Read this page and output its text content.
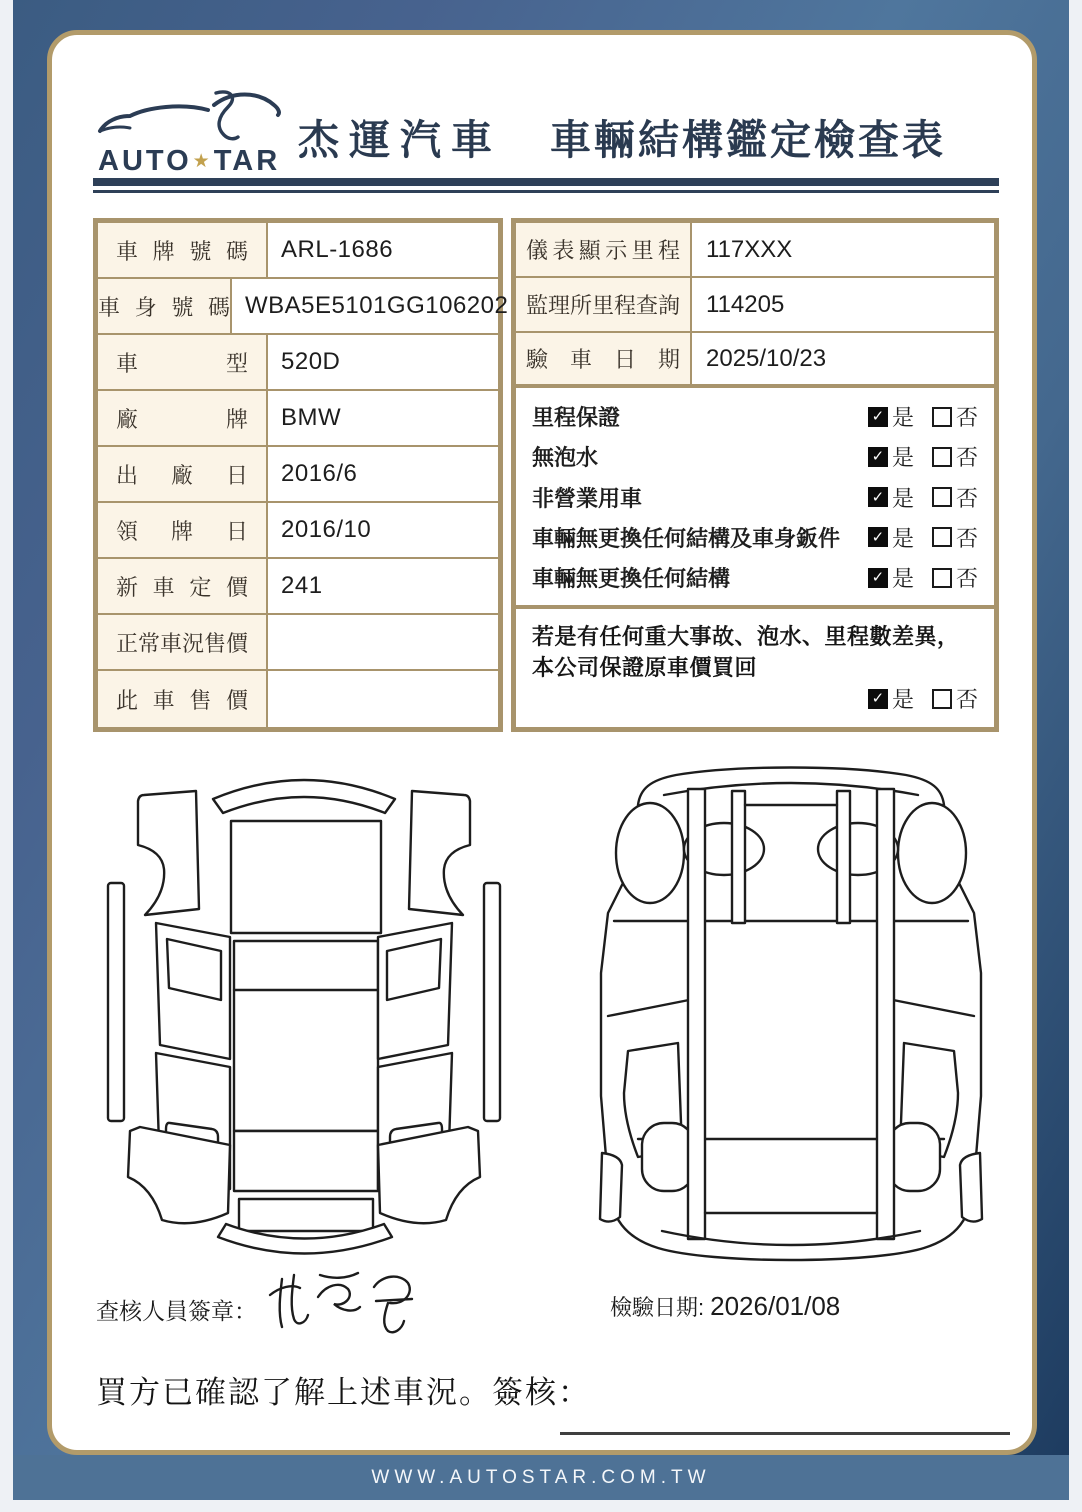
AUTO ★ TAR 杰運汽車 車輛結構鑑定檢查表
車牌號碼	ARL-1686
車身號碼 WBA5E5101GG106202
車型	520D
廠牌	BMW
出廠日	2016/6
領牌日	2016/10
新車定價	241
正常車況售價
此車售價
儀表顯示里程	117XXX
監理所里程查詢	114205
驗車日期	2025/10/23
里程保證	✓ 是 否
無泡水	✓ 是 否
非營業用車	✓ 是 否
車輛無更換任何結構及車身鈑件 ✓ 是 否
車輛無更換任何結構	✓ 是 否
若是有任何重大事故、泡水、里程數差異，
本公司保證原車價買回
✓ 是 否
查核人員簽章：	檢驗日期: 2026/01/08
買方已確認了解上述車況。簽核：
WWW.AUTOSTAR.COM.TW
